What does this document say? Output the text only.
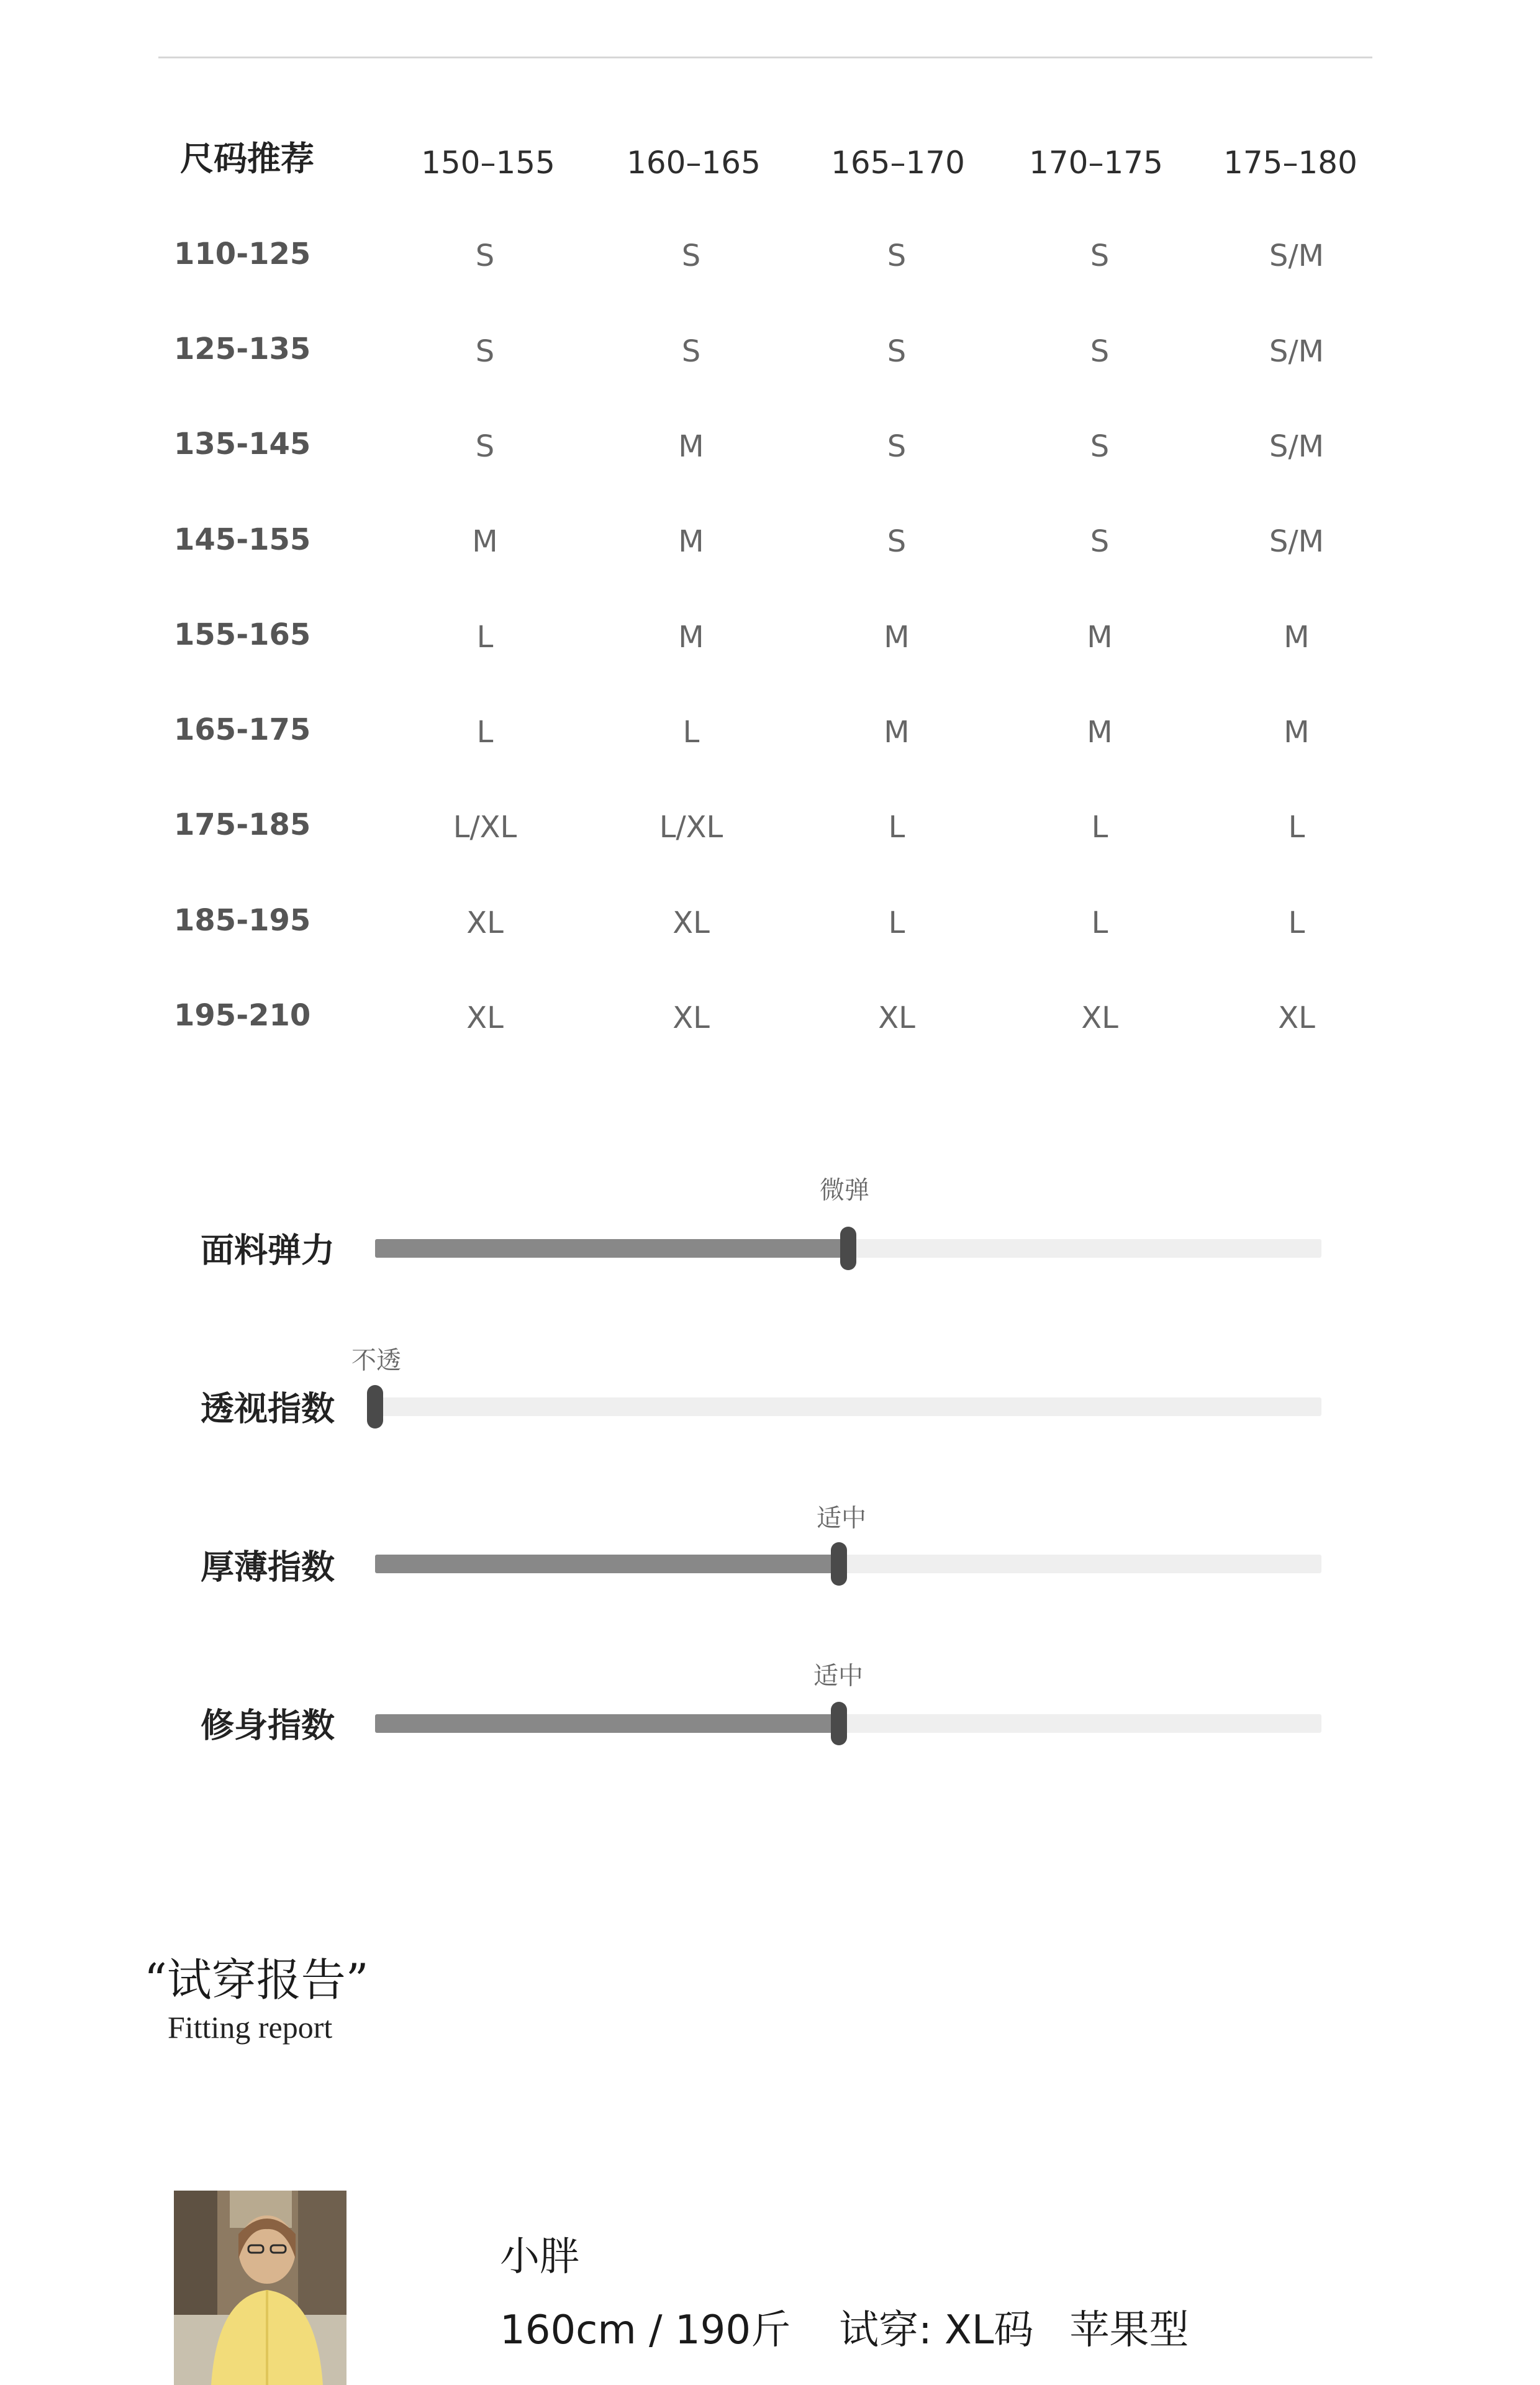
尺码推荐	150–155 160–165 165–170 170–175 175–180
110-125	S	S	S	S	S/M
125-135	S	S	S	S	S/M
135-145	S	M	S	S	S/M
145-155	M	M	S	S	S/M
155-165	L	M	M	M	M
165-175	L	L	M	M	M
175-185	L/XL	L/XL	L	L	L
185-195	XL	XL	L	L	L
195-210	XL	XL	XL	XL	XL
微弹
面料弹力
不透
透视指数
适中
厚薄指数
适中
修身指数
“试穿报告”
Fitting report
小胖
160cm / 190斤 试穿: XL码 苹果型
